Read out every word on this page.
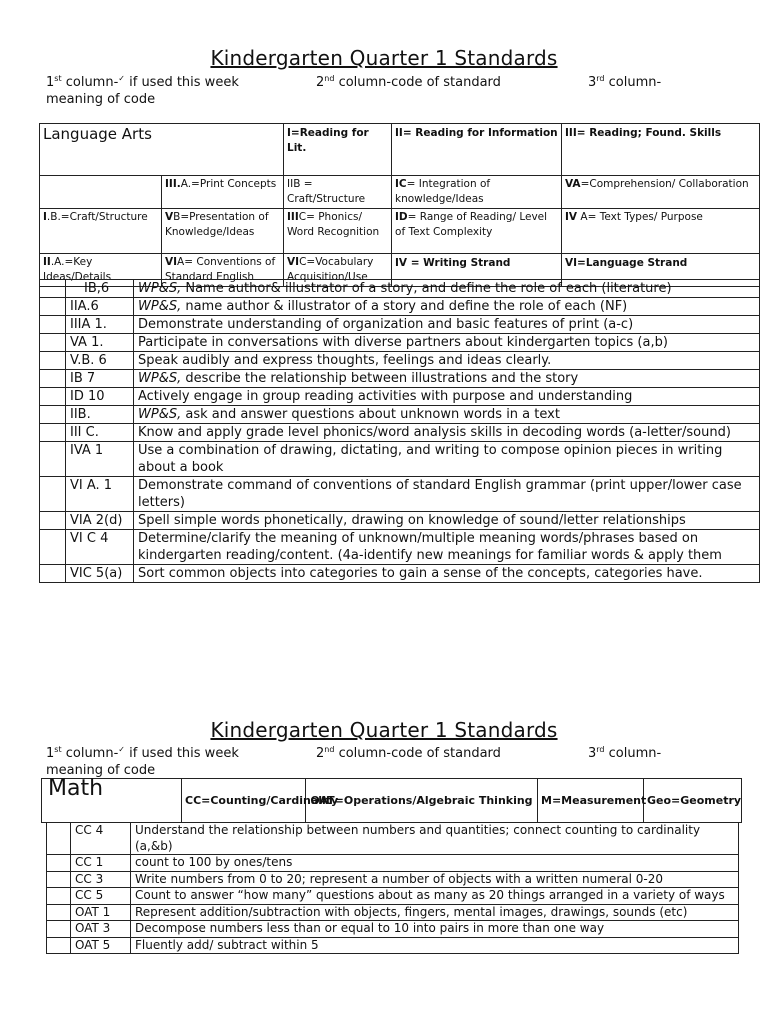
Kindergarten Quarter 1 Standards
1st column-✓ if used this week	2nd column-code of standard	3rd column-
meaning of code
Language Arts		I=Reading for Lit.	II= Reading for Information	III= Reading; Found. Skills
	III.A.=Print Concepts	IIB = Craft/Structure	IC= Integration of knowledge/Ideas	VA=Comprehension/ Collaboration
I.B.=Craft/Structure	VB=Presentation of Knowledge/Ideas	IIIC= Phonics/ Word Recognition	ID= Range of Reading/ Level of Text Complexity	IV A= Text Types/ Purpose
II.A.=Key Ideas/Details	VIA= Conventions of Standard English	VIC=Vocabulary Acquisition/Use	IV = Writing Strand	VI=Language Strand
	IB,6	WP&S, Name author& illustrator of a story, and define the role of each (literature)
	IIA.6	WP&S, name author & illustrator of a story and define the role of each (NF)
	IIIA 1.	Demonstrate understanding of organization and basic features of print (a-c)
	VA 1.	Participate in conversations with diverse partners about kindergarten topics (a,b)
	V.B. 6	Speak audibly and express thoughts, feelings and ideas clearly.
	IB 7	WP&S, describe the relationship between illustrations and the story
	ID 10	Actively engage in group reading activities with purpose and understanding
	IIB.	WP&S, ask and answer questions about unknown words in a text
	III C.	Know and apply grade level phonics/word analysis skills in decoding words (a-letter/sound)
	IVA 1	Use a combination of drawing, dictating, and writing to compose opinion pieces in writing about a book
	VI A. 1	Demonstrate command of conventions of standard English grammar (print upper/lower case letters)
	VIA 2(d)	Spell simple words phonetically, drawing on knowledge of sound/letter relationships
	VI C 4	Determine/clarify the meaning of unknown/multiple meaning words/phrases based on kindergarten reading/content. (4a-identify new meanings for familiar words & apply them
	VIC 5(a)	Sort common objects into categories to gain a sense of the concepts, categories have.
Kindergarten Quarter 1 Standards
1st column-✓ if used this week	2nd column-code of standard	3rd column-
meaning of code
Math	CC=Counting/Cardinality	OAT=Operations/Algebraic Thinking	M=Measurement	Geo=Geometry
	CC 4	Understand the relationship between numbers and quantities; connect counting to cardinality (a,&b)
	CC 1	count to 100 by ones/tens
	CC 3	Write numbers from 0 to 20; represent a number of objects with a written numeral 0-20
	CC 5	Count to answer “how many” questions about as many as 20 things arranged in a variety of ways
	OAT 1	Represent addition/subtraction with objects, fingers, mental images, drawings, sounds (etc)
	OAT 3	Decompose numbers less than or equal to 10 into pairs in more than one way
	OAT 5	Fluently add/ subtract within 5
